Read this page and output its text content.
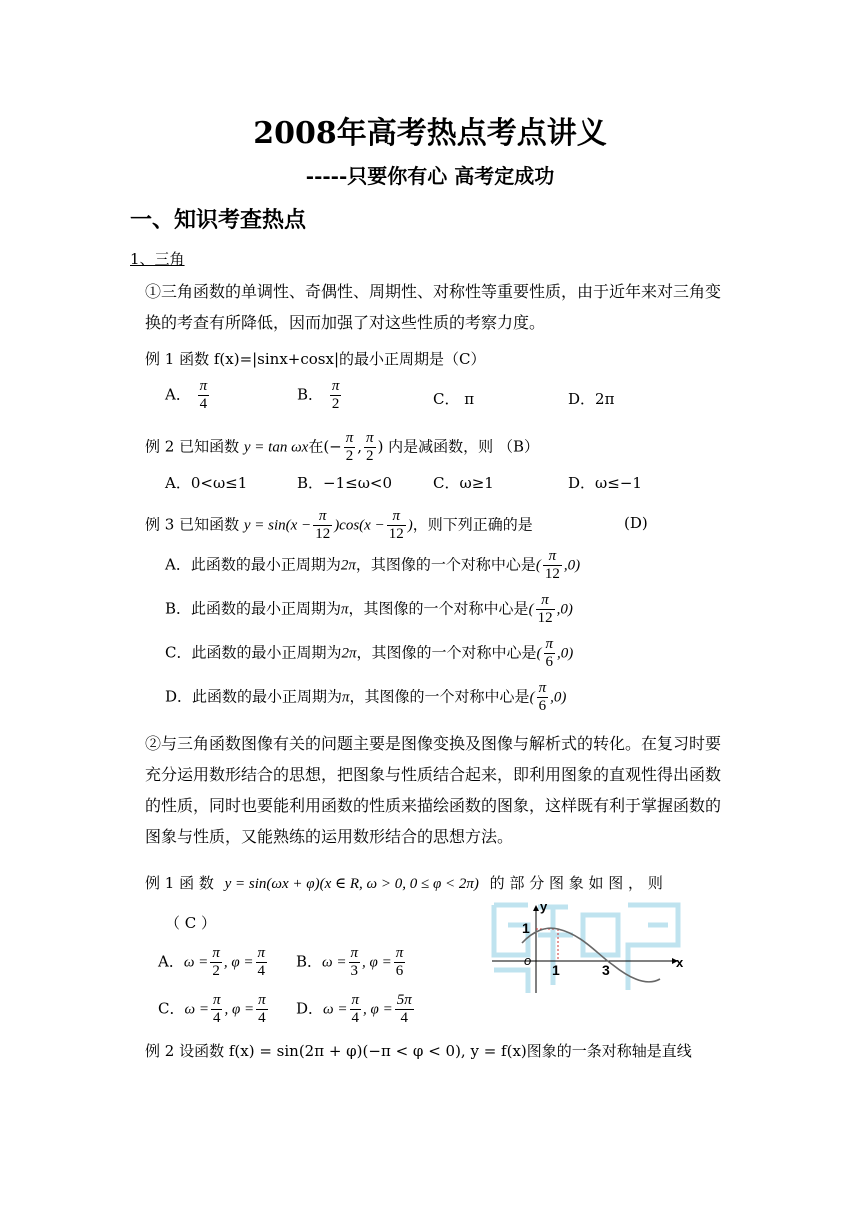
2008年高考热点考点讲义
-----只要你有心 高考定成功
一、知识考查热点
1、三角
①三角函数的单调性、奇偶性、周期性、对称性等重要性质，由于近年来对三角变换的考查有所降低，因而加强了对这些性质的考察力度。
例 1 函数 f(x)=|sinx+cosx|的最小正周期是（C）
A． $\frac{\pi}{4}$	B． $\frac{\pi}{2}$	C． π	D．2π
例 2 已知函数 y = tan ωx在(− $\frac{\pi}{2}$ , $\frac{\pi}{2}$ ) 内是减函数，则 （B）
A．0<ω≤1	B．−1≤ω<0	C．ω≥1	D．ω≤−1
例 3 已知函数 $y = \sin(x - \frac{\pi}{12} )\cos(x - \frac{\pi}{12}$ )，则下列正确的是	(D)
A．此函数的最小正周期为2π，其图像的一个对称中心是( $\frac{\pi}{12} ,0$)
B．此函数的最小正周期为π，其图像的一个对称中心是( $\frac{\pi}{12} ,0$)
C．此函数的最小正周期为2π，其图像的一个对称中心是( $\frac{\pi}{6} ,0$)
D．此函数的最小正周期为π，其图像的一个对称中心是( $\frac{\pi}{6} ,0$)
②与三角函数图像有关的问题主要是图像变换及图像与解析式的转化。在复习时要充分运用数形结合的思想，把图象与性质结合起来，即利用图象的直观性得出函数的性质，同时也要能利用函数的性质来描绘函数的图象，这样既有利于掌握函数的图象与性质，又能熟练的运用数形结合的思想方法。
例 1 函 数 y = sin(ωx + φ)(x ∈ R, ω > 0, 0 ≤ φ < 2π) 的 部 分 图 象 如 图 ， 则
（ C ）
A．$\omega = \frac{\pi}{2}$ , $\varphi = \frac{\pi}{4}$ B．$\omega = \frac{\pi}{3}$ , $\varphi = \frac{\pi}{6}$
C．$\omega = \frac{\pi}{4}$ , $\varphi = \frac{\pi}{4}$ D．$\omega = \frac{\pi}{4}$ , $\varphi = \frac{5\pi}{4}$
y
x
o
1
1	3
例 2 设函数 f(x) = sin(2π + φ)(−π < φ < 0), y = f(x)图象的一条对称轴是直线
